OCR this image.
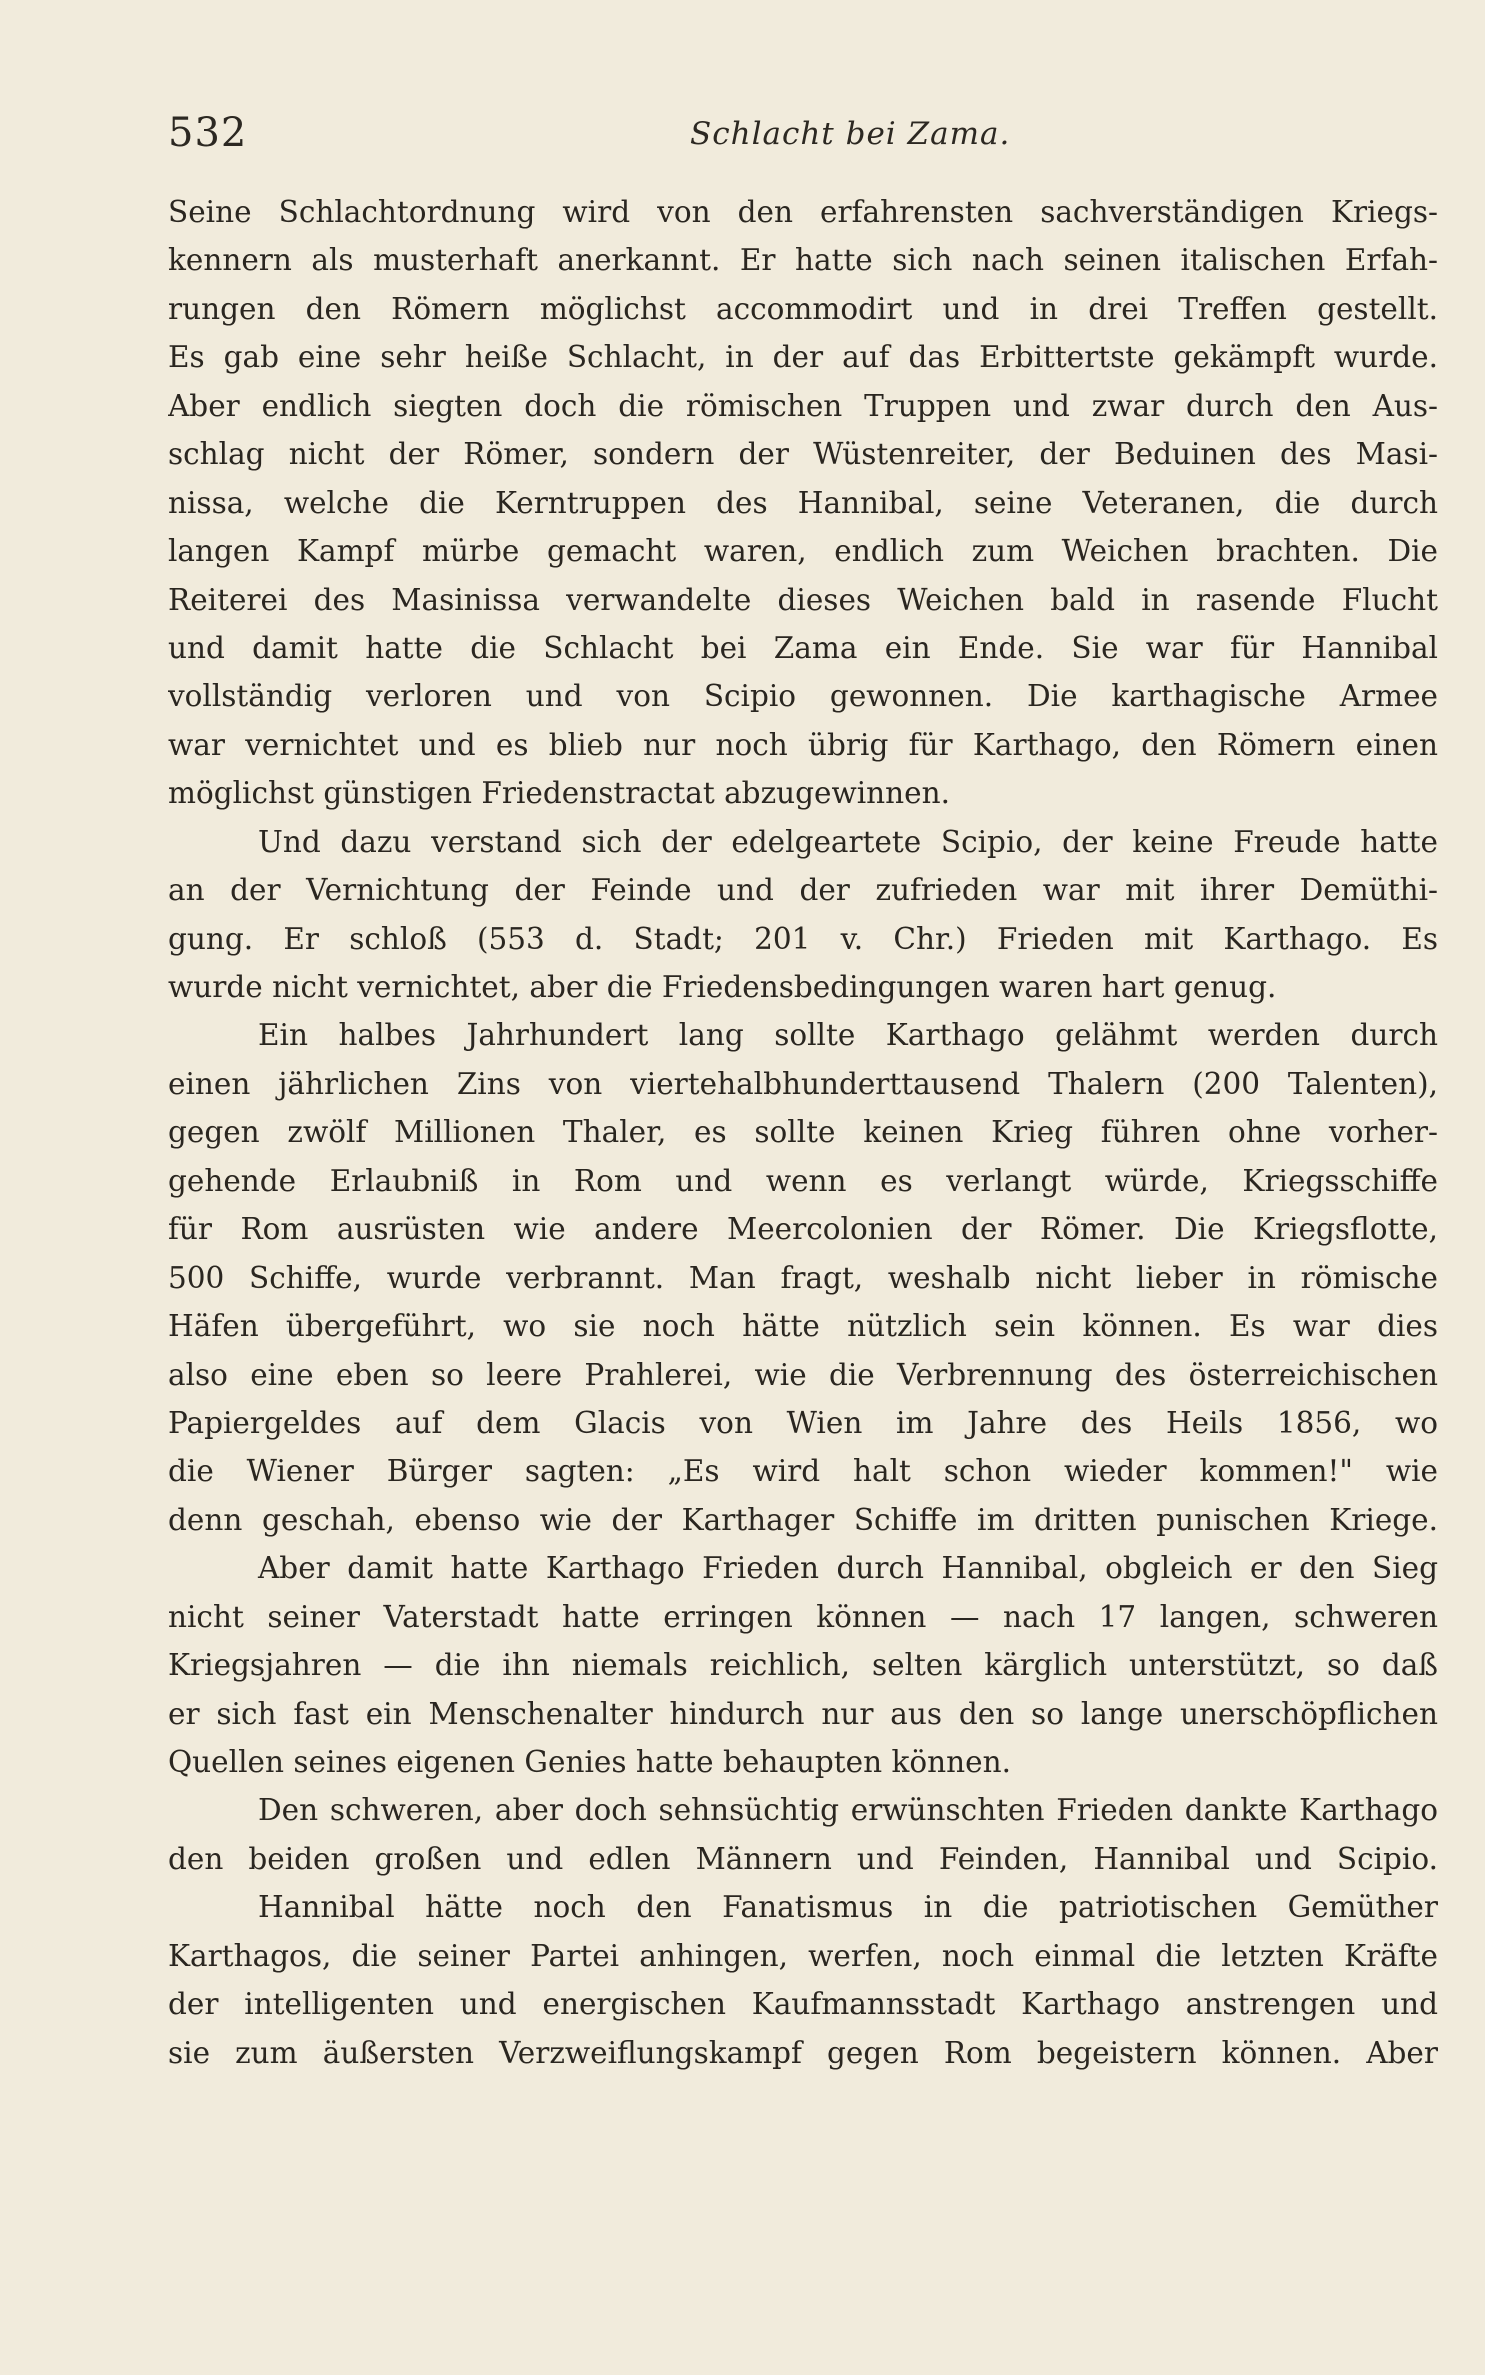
532	Schlacht bei Zama.
Seine Schlachtordnung wird von den erfahrensten sachverständigen Kriegs-
kennern als musterhaft anerkannt. Er hatte sich nach seinen italischen Erfah-
rungen den Römern möglichst accommodirt und in drei Treffen gestellt.
Es gab eine sehr heiße Schlacht, in der auf das Erbittertste gekämpft wurde.
Aber endlich siegten doch die römischen Truppen und zwar durch den Aus-
schlag nicht der Römer, sondern der Wüstenreiter, der Beduinen des Masi-
nissa, welche die Kerntruppen des Hannibal, seine Veteranen, die durch
langen Kampf mürbe gemacht waren, endlich zum Weichen brachten. Die
Reiterei des Masinissa verwandelte dieses Weichen bald in rasende Flucht
und damit hatte die Schlacht bei Zama ein Ende. Sie war für Hannibal
vollständig verloren und von Scipio gewonnen. Die karthagische Armee
war vernichtet und es blieb nur noch übrig für Karthago, den Römern einen
möglichst günstigen Friedenstractat abzugewinnen.
Und dazu verstand sich der edelgeartete Scipio, der keine Freude hatte
an der Vernichtung der Feinde und der zufrieden war mit ihrer Demüthi-
gung. Er schloß (553 d. Stadt; 201 v. Chr.) Frieden mit Karthago. Es
wurde nicht vernichtet, aber die Friedensbedingungen waren hart genug.
Ein halbes Jahrhundert lang sollte Karthago gelähmt werden durch
einen jährlichen Zins von viertehalbhunderttausend Thalern (200 Talenten),
gegen zwölf Millionen Thaler, es sollte keinen Krieg führen ohne vorher-
gehende Erlaubniß in Rom und wenn es verlangt würde, Kriegsschiffe
für Rom ausrüsten wie andere Meercolonien der Römer. Die Kriegsflotte,
500 Schiffe, wurde verbrannt. Man fragt, weshalb nicht lieber in römische
Häfen übergeführt, wo sie noch hätte nützlich sein können. Es war dies
also eine eben so leere Prahlerei, wie die Verbrennung des österreichischen
Papiergeldes auf dem Glacis von Wien im Jahre des Heils 1856, wo
die Wiener Bürger sagten: „Es wird halt schon wieder kommen!" wie
denn geschah, ebenso wie der Karthager Schiffe im dritten punischen Kriege.
Aber damit hatte Karthago Frieden durch Hannibal, obgleich er den Sieg
nicht seiner Vaterstadt hatte erringen können — nach 17 langen, schweren
Kriegsjahren — die ihn niemals reichlich, selten kärglich unterstützt, so daß
er sich fast ein Menschenalter hindurch nur aus den so lange unerschöpflichen
Quellen seines eigenen Genies hatte behaupten können.
Den schweren, aber doch sehnsüchtig erwünschten Frieden dankte Karthago
den beiden großen und edlen Männern und Feinden, Hannibal und Scipio.
Hannibal hätte noch den Fanatismus in die patriotischen Gemüther
Karthagos, die seiner Partei anhingen, werfen, noch einmal die letzten Kräfte
der intelligenten und energischen Kaufmannsstadt Karthago anstrengen und
sie zum äußersten Verzweiflungskampf gegen Rom begeistern können. Aber
